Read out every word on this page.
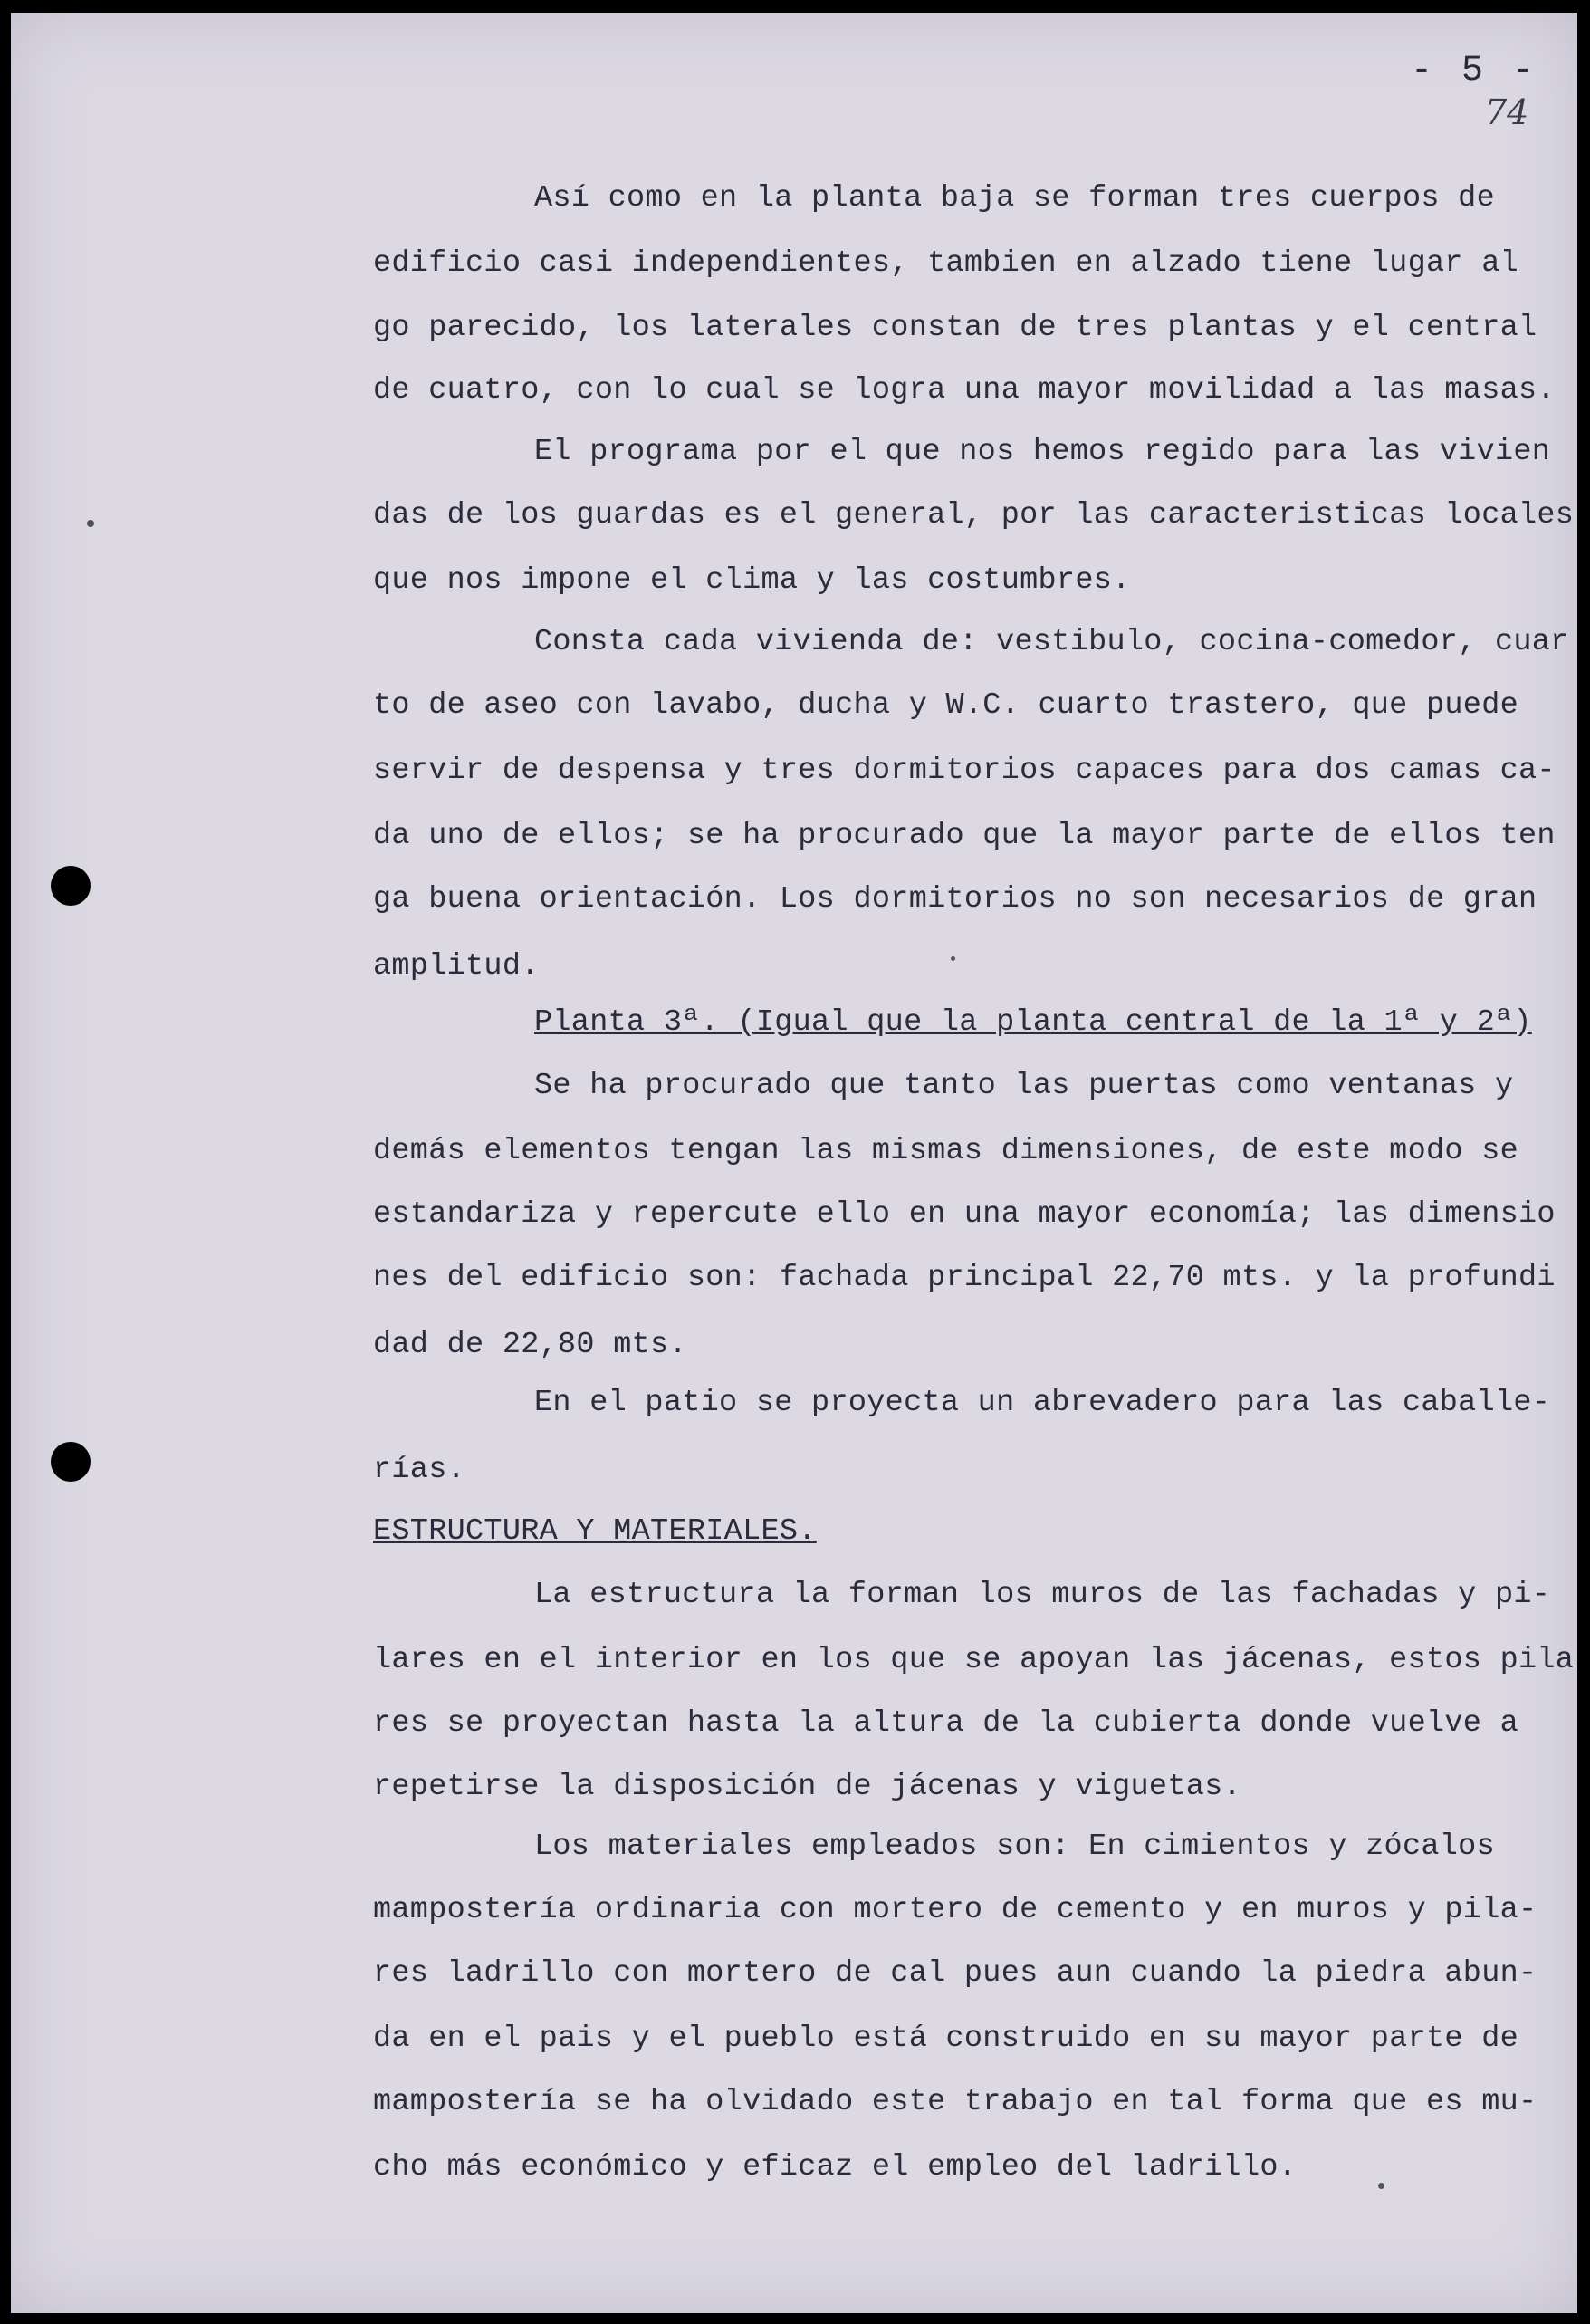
- 5 -
74
Así como en la planta baja se forman tres cuerpos de
edificio casi independientes, tambien en alzado tiene lugar al
go parecido, los laterales constan de tres plantas y el central
de cuatro, con lo cual se logra una mayor movilidad a las masas.
El programa por el que nos hemos regido para las vivien
das de los guardas es el general, por las caracteristicas locales
que nos impone el clima y las costumbres.
Consta cada vivienda de: vestibulo, cocina-comedor, cuar
to de aseo con lavabo, ducha y W.C. cuarto trastero, que puede
servir de despensa y tres dormitorios capaces para dos camas ca-
da uno de ellos; se ha procurado que la mayor parte de ellos ten
ga buena orientación. Los dormitorios no son necesarios de gran
amplitud.
Planta 3ª. (Igual que la planta central de la 1ª y 2ª)
Se ha procurado que tanto las puertas como ventanas y
demás elementos tengan las mismas dimensiones, de este modo se
estandariza y repercute ello en una mayor economía; las dimensio
nes del edificio son: fachada principal 22,70 mts. y la profundi
dad de 22,80 mts.
En el patio se proyecta un abrevadero para las caballe-
rías.
ESTRUCTURA Y MATERIALES.
La estructura la forman los muros de las fachadas y pi-
lares en el interior en los que se apoyan las jácenas, estos pila
res se proyectan hasta la altura de la cubierta donde vuelve a
repetirse la disposición de jácenas y viguetas.
Los materiales empleados son: En cimientos y zócalos
mampostería ordinaria con mortero de cemento y en muros y pila-
res ladrillo con mortero de cal pues aun cuando la piedra abun-
da en el pais y el pueblo está construido en su mayor parte de
mampostería se ha olvidado este trabajo en tal forma que es mu-
cho más económico y eficaz el empleo del ladrillo.
